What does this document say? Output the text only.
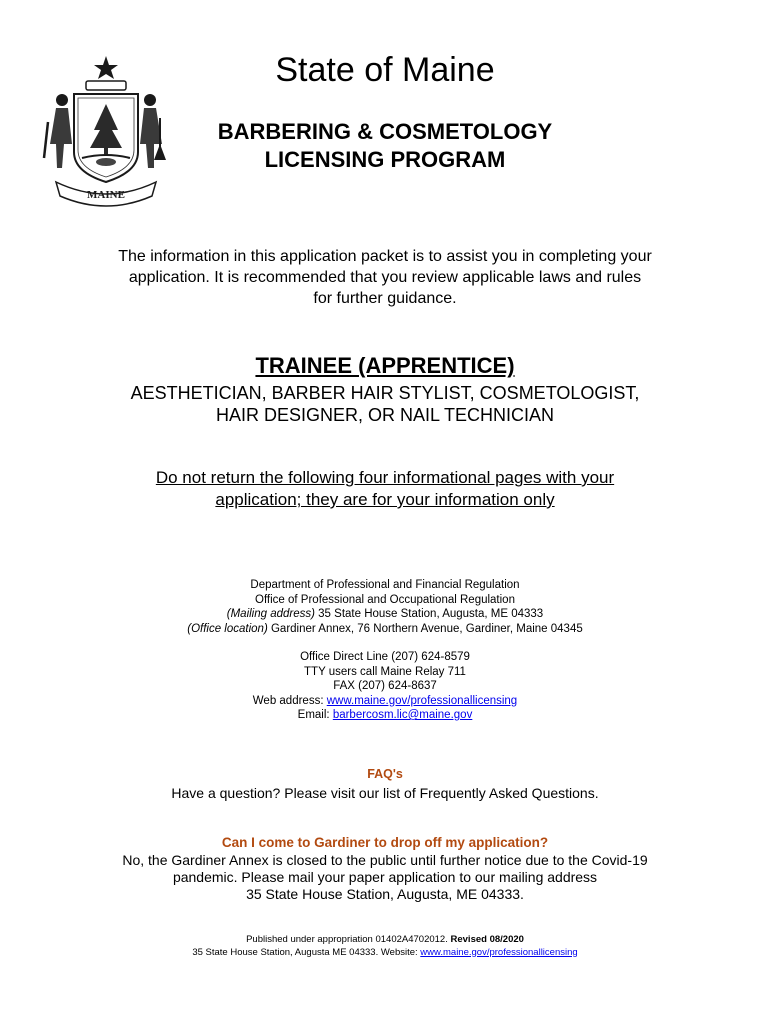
MAINE
State of Maine
BARBERING & COSMETOLOGY
LICENSING PROGRAM
The information in this application packet is to assist you in completing your
application. It is recommended that you review applicable laws and rules
for further guidance.
TRAINEE (APPRENTICE)
AESTHETICIAN, BARBER HAIR STYLIST, COSMETOLOGIST,
HAIR DESIGNER, OR NAIL TECHNICIAN
Do not return the following four informational pages with your
application; they are for your information only
Department of Professional and Financial Regulation
Office of Professional and Occupational Regulation
(Mailing address) 35 State House Station, Augusta, ME 04333
(Office location) Gardiner Annex, 76 Northern Avenue, Gardiner, Maine 04345
Office Direct Line (207) 624-8579
TTY users call Maine Relay 711
FAX (207) 624-8637
Web address: www.maine.gov/professionallicensing
Email: barbercosm.lic@maine.gov
FAQ's
Have a question? Please visit our list of Frequently Asked Questions.
Can I come to Gardiner to drop off my application?
No, the Gardiner Annex is closed to the public until further notice due to the Covid-19
pandemic. Please mail your paper application to our mailing address
35 State House Station, Augusta, ME 04333.
Published under appropriation 01402A4702012. Revised 08/2020
35 State House Station, Augusta ME 04333. Website: www.maine.gov/professionallicensing
